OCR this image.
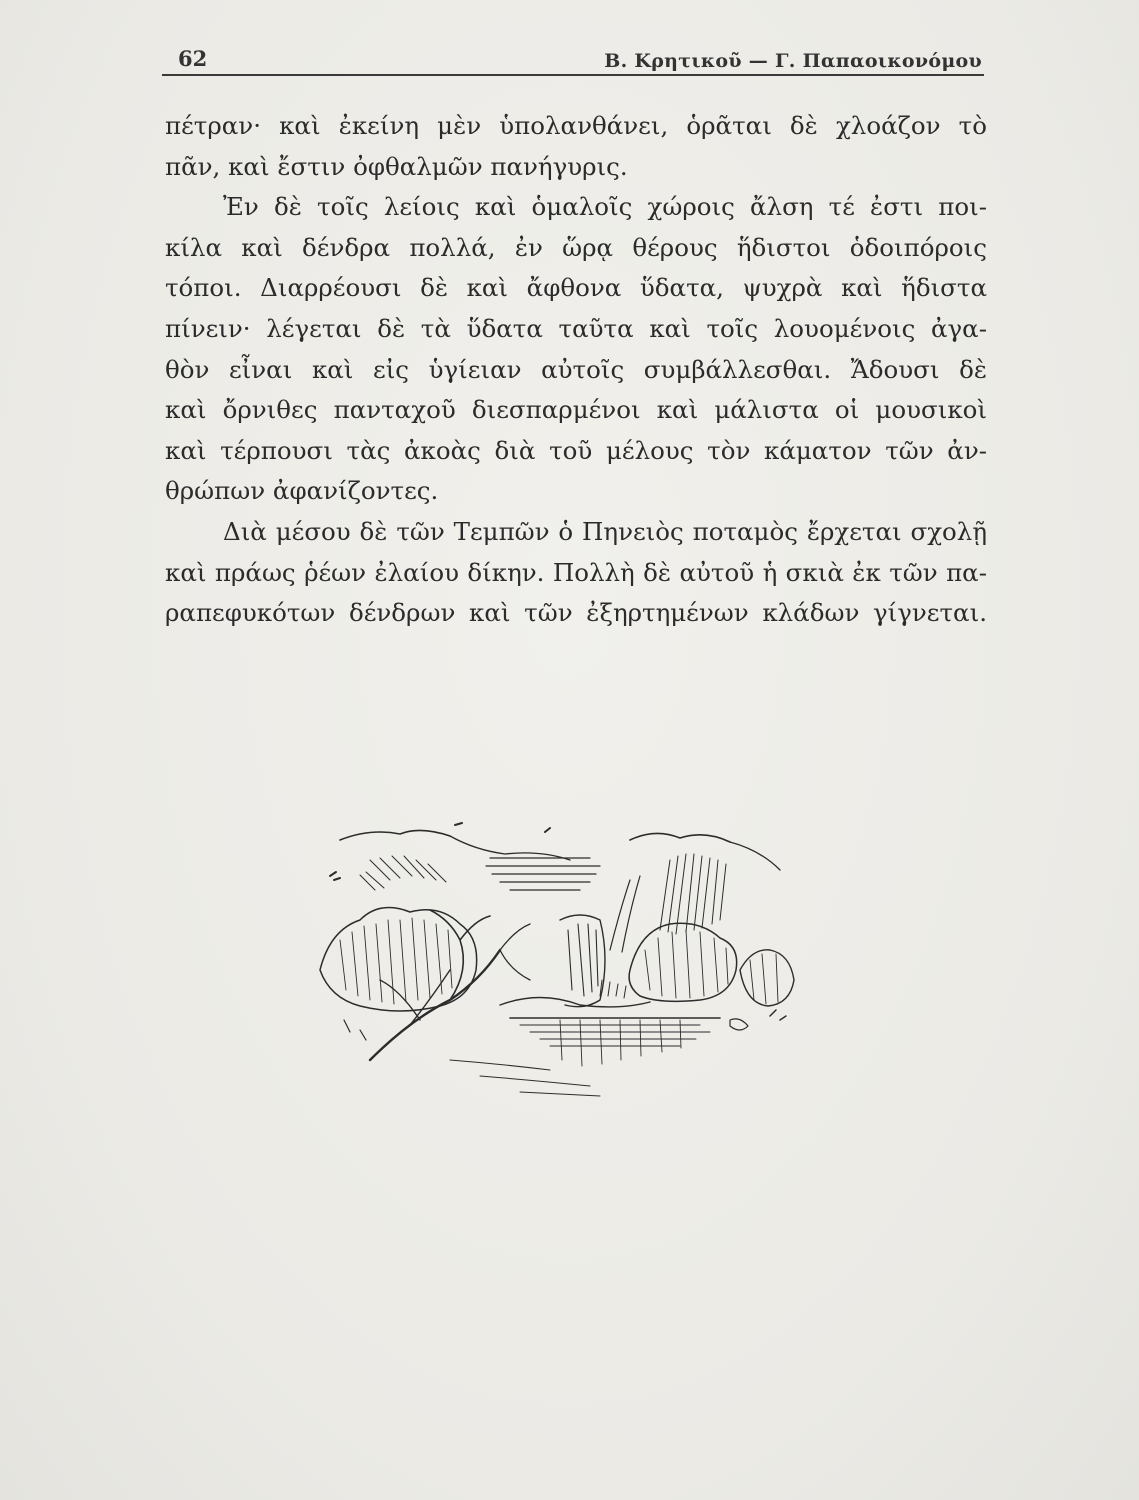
62	Β. Κρητικοῦ — Γ. Παπαοικονόμου
πέτραν· καὶ ἐκείνη μὲν ὑπολανθάνει, ὁρᾶται δὲ χλοάζον τὸ
πᾶν, καὶ ἔστιν ὀφθαλμῶν πανήγυρις.
Ἐν δὲ τοῖς λείοις καὶ ὁμαλοῖς χώροις ἄλση τέ ἐστι ποι-
κίλα καὶ δένδρα πολλά, ἐν ὥρᾳ θέρους ἥδιστοι ὁδοιπόροις
τόποι. Διαρρέουσι δὲ καὶ ἄφθονα ὕδατα, ψυχρὰ καὶ ἥδιστα
πίνειν· λέγεται δὲ τὰ ὕδατα ταῦτα καὶ τοῖς λουομένοις ἀγα-
θὸν εἶναι καὶ εἰς ὑγίειαν αὐτοῖς συμβάλλεσθαι. Ἄδουσι δὲ
καὶ ὄρνιθες πανταχοῦ διεσπαρμένοι καὶ μάλιστα οἱ μουσικοὶ
καὶ τέρπουσι τὰς ἀκοὰς διὰ τοῦ μέλους τὸν κάματον τῶν ἀν-
θρώπων ἀφανίζοντες.
Διὰ μέσου δὲ τῶν Τεμπῶν ὁ Πηνειὸς ποταμὸς ἔρχεται σχολῇ
καὶ πράως ῥέων ἐλαίου δίκην. Πολλὴ δὲ αὐτοῦ ἡ σκιὰ ἐκ τῶν πα-
ραπεφυκότων δένδρων καὶ τῶν ἐξηρτημένων κλάδων γίγνεται.
